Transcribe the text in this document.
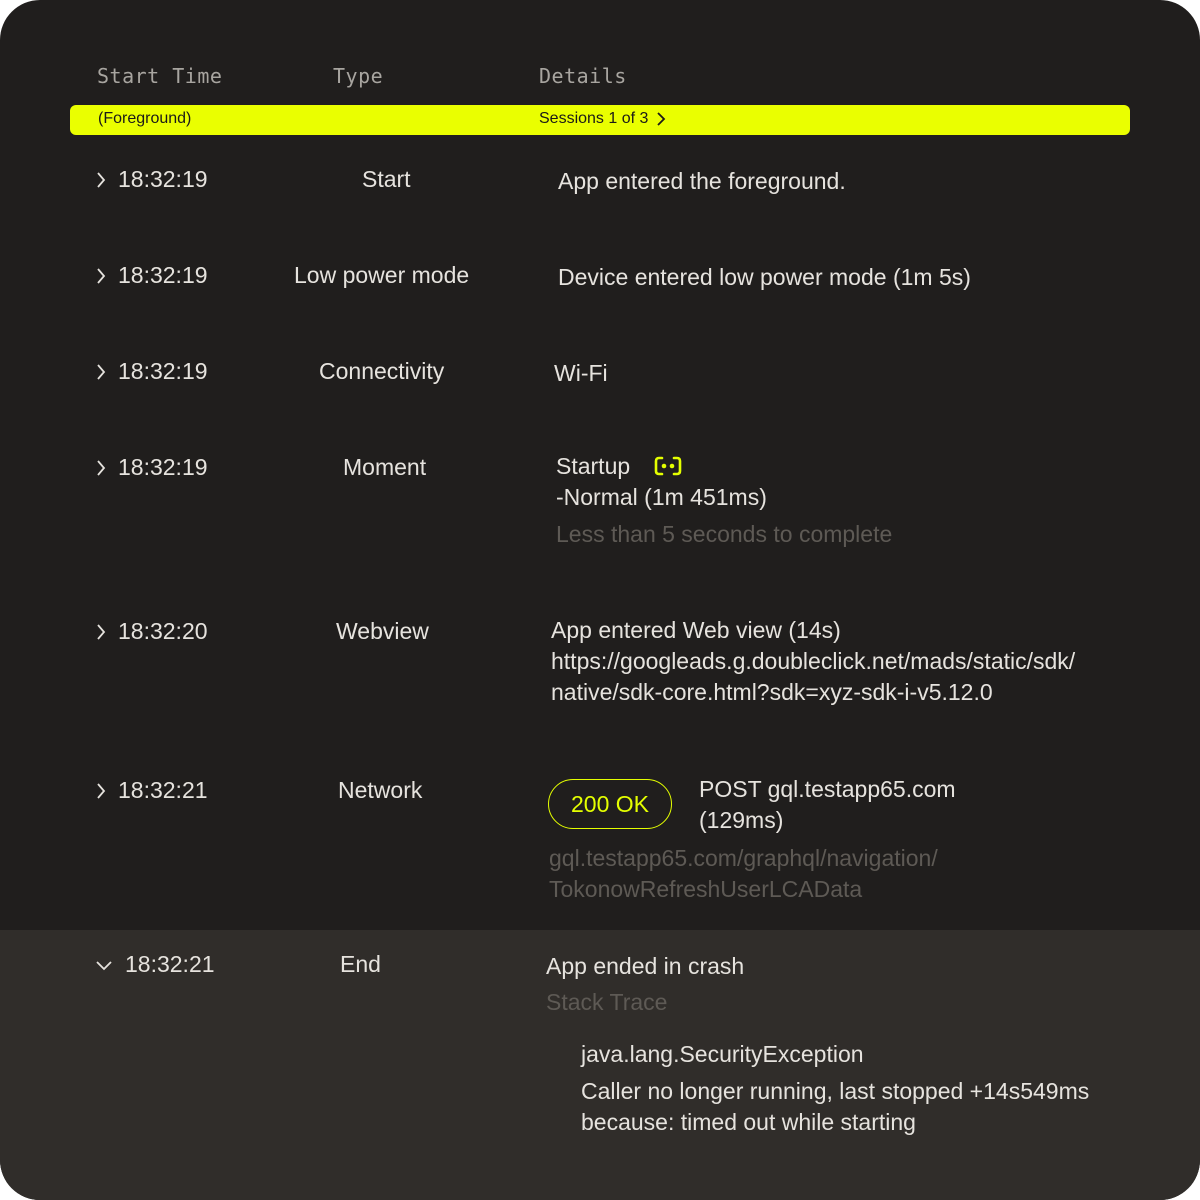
Start Time	Type	Details
(Foreground)	Sessions 1 of 3
18:32:19	Start	App entered the foreground.
18:32:19	Low power mode	Device entered low power mode (1m 5s)
18:32:19	Connectivity	Wi-Fi
18:32:19	Moment	Startup
-Normal (1m 451ms)
Less than 5 seconds to complete
18:32:20	Webview	App entered Web view (14s)
https://googleads.g.doubleclick.net/mads/static/sdk/
native/sdk-core.html?sdk=xyz-sdk-i-v5.12.0
18:32:21	Network
200 OK
POST gql.testapp65.com
(129ms)
gql.testapp65.com/graphql/navigation/
TokonowRefreshUserLCAData
18:32:21	End	App ended in crash
Stack Trace
java.lang.SecurityException
Caller no longer running, last stopped +14s549ms
because: timed out while starting
